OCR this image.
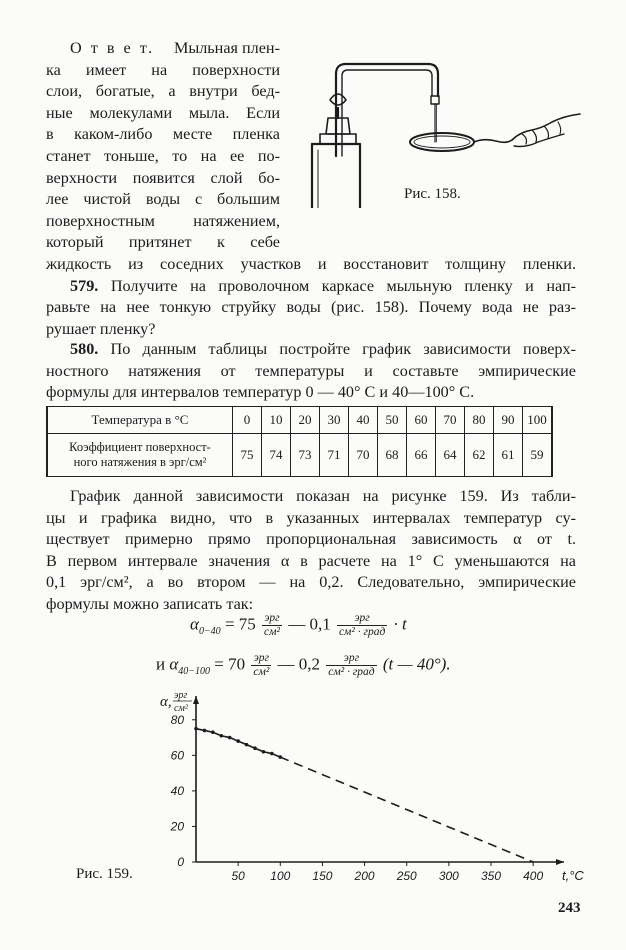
О т в е т. Мыльная плен-

ка имеет на поверхности

слои, богатые, а внутри бед-

ные молекулами мыла. Если

в каком-либо месте пленка

станет тоньше, то на ее по-

верхности появится слой бо-

лее чистой воды с большим

поверхностным натяжением,

который притянет к себе

жидкость из соседних участков и восстановит толщину пленки.

Рис. 158.

579. Получите на проволочном каркасе мыльную пленку и нап-

равьте на нее тонкую струйку воды (рис. 158). Почему вода не раз-

рушает пленку?

580. По данным таблицы постройте график зависимости поверх-

ностного натяжения от температуры и составьте эмпирические

формулы для интервалов температур 0 — 40° С и 40—100° С.

Температура в °С	0	10	20	30	40	50	60	70	80	90	100

Коэффициент поверхност-
ного натяжения в эрг/см²	75	74	73	71	70	68	66	64	62	61	59

График данной зависимости показан на рисунке 159. Из табли-

цы и графика видно, что в указанных интервалах температур су-

ществует примерно прямо пропорциональная зависимость α от t.

В первом интервале значения α в расчете на 1° С уменьшаются на

0,1 эрг/см², а во втором — на 0,2. Следовательно, эмпирические

формулы можно записать так:

$\alpha_{0-40} = 75 \frac{\text{эрг}}{\text{см²}}$ — $0,1 \frac{\text{эрг}}{\text{см² · град}} \cdot t$
и $\alpha_{40-100} = 70 \frac{\text{эрг}}{\text{см²}}$ — $0,2 \frac{\text{эрг}}{\text{см² · град}} (t$ — 40°).
50 100 150 200 250 300 350 400
0
20
40
60
80
α, эрг
см²
t,°C
Рис. 159.
243
